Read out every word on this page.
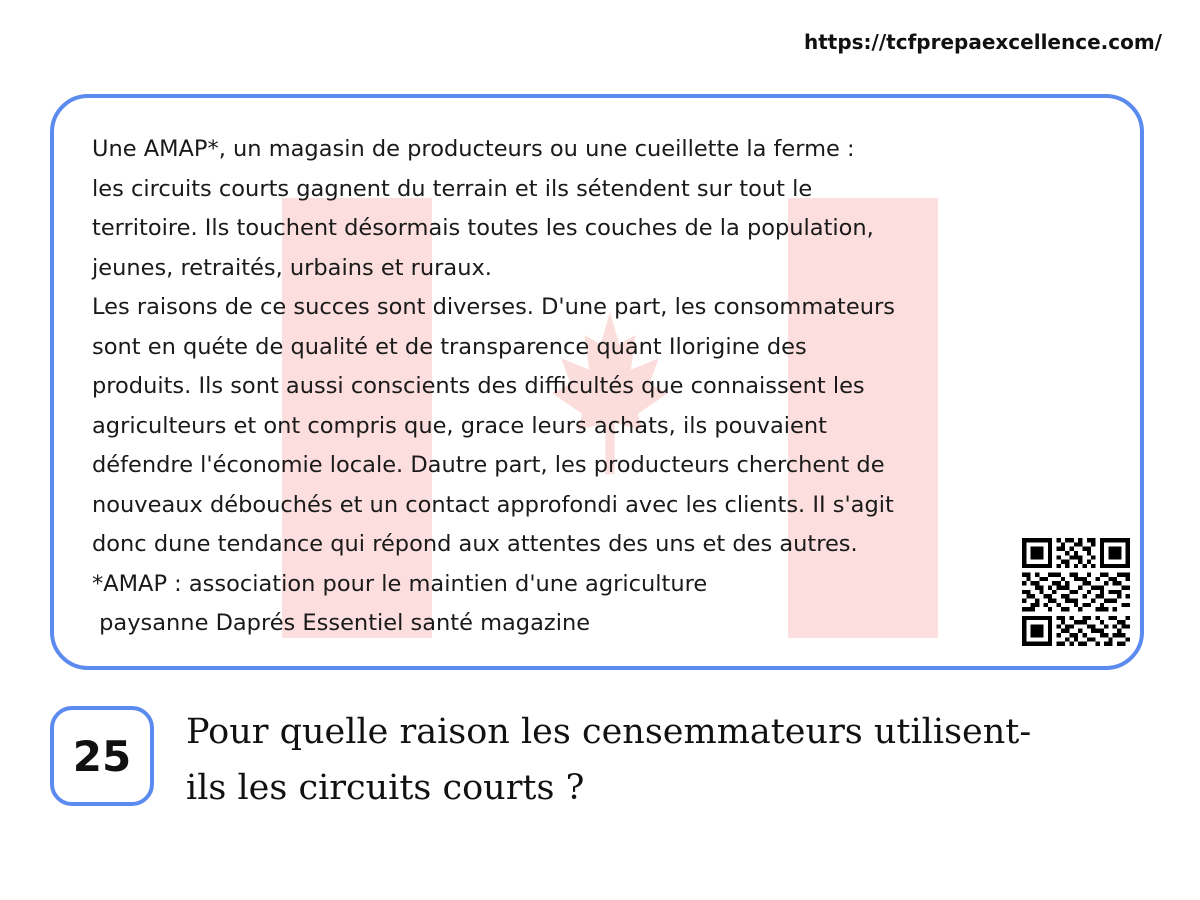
https://tcfprepaexcellence.com/
Une AMAP*, un magasin de producteurs ou une cueillette la ferme :
les circuits courts gagnent du terrain et ils sétendent sur tout le
territoire. Ils touchent désormais toutes les couches de la population,
jeunes, retraités, urbains et ruraux.
Les raisons de ce succes sont diverses. D'une part, les consommateurs
sont en quéte de qualité et de transparence quant Ilorigine des
produits. Ils sont aussi conscients des difficultés que connaissent les
agriculteurs et ont compris que, grace leurs achats, ils pouvaient
défendre l'économie locale. Dautre part, les producteurs cherchent de
nouveaux débouchés et un contact approfondi avec les clients. II s'agit
donc dune tendance qui répond aux attentes des uns et des autres.
*AMAP : association pour le maintien d'une agriculture
paysanne Daprés Essentiel santé magazine
25	Pour quelle raison les censemmateurs utilisent-
ils les circuits courts ?
